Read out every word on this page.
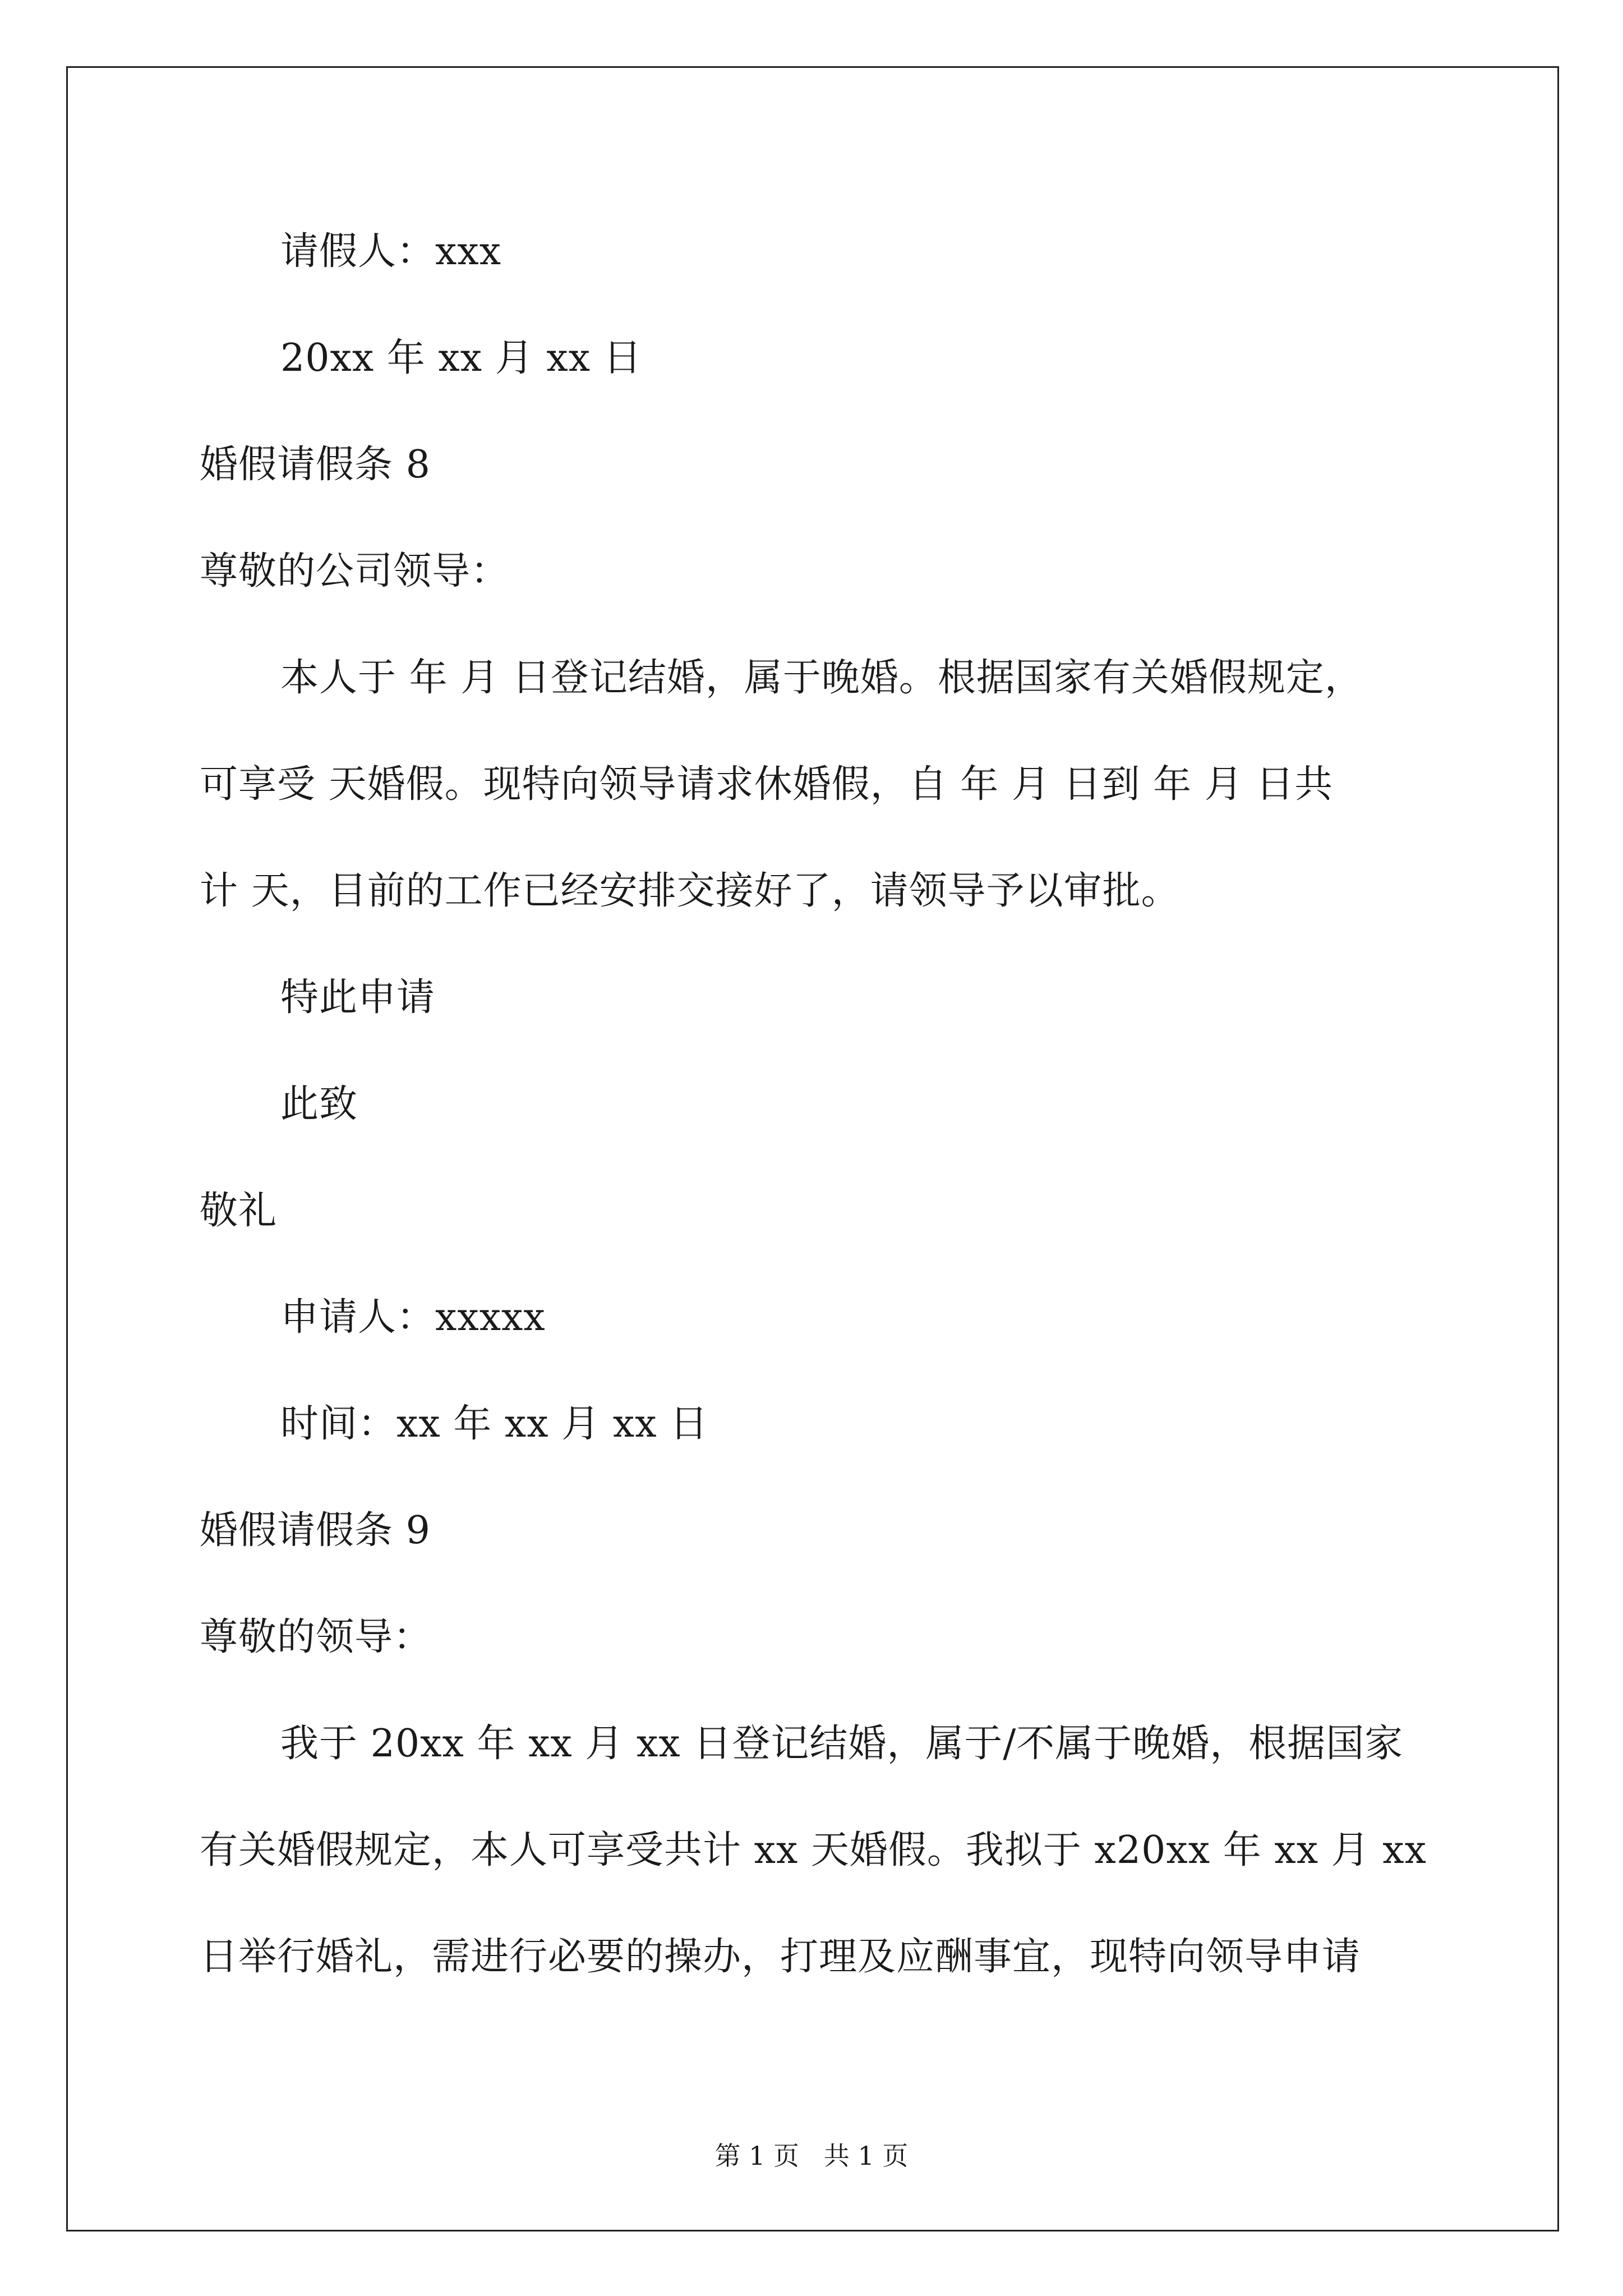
请假人：xxx
20xx 年 xx 月 xx 日
婚假请假条 8
尊敬的公司领导：
本人于 年 月 日登记结婚，属于晚婚。根据国家有关婚假规定，
可享受 天婚假。现特向领导请求休婚假，自 年 月 日到 年 月 日共
计 天，目前的工作已经安排交接好了，请领导予以审批。
特此申请
此致
敬礼
申请人：xxxxx
时间：xx 年 xx 月 xx 日
婚假请假条 9
尊敬的领导：
我于 20xx 年 xx 月 xx 日登记结婚，属于/不属于晚婚，根据国家
有关婚假规定，本人可享受共计 xx 天婚假。我拟于 x20xx 年 xx 月 xx
日举行婚礼，需进行必要的操办，打理及应酬事宜，现特向领导申请
第 1 页   共 1 页
